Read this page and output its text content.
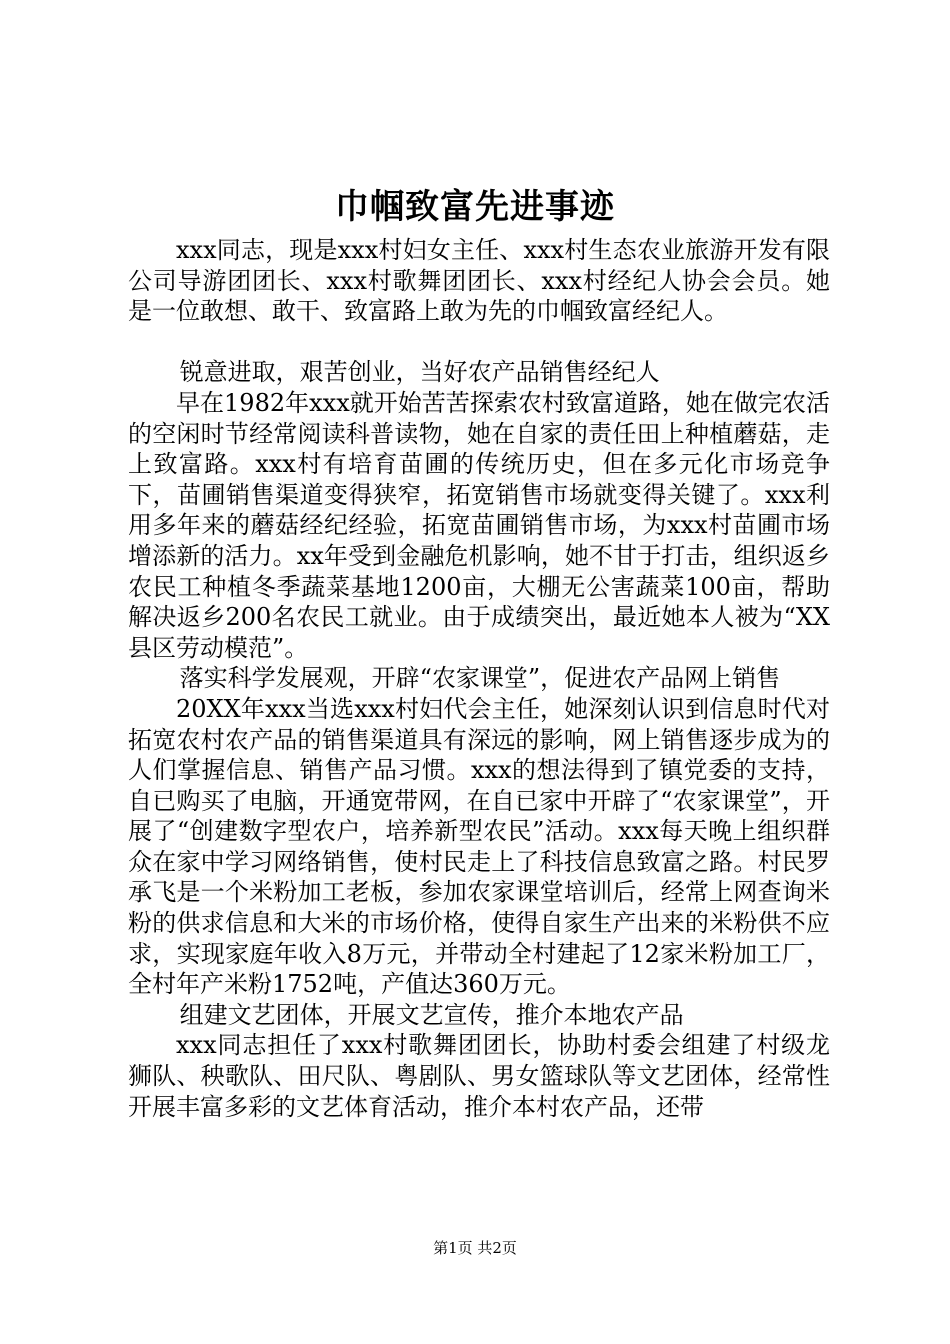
巾帼致富先进事迹

xxx同志，现是xxx村妇女主任、xxx村生态农业旅游开发有限公司导游团团长、xxx村歌舞团团长、xxx村经纪人协会会员。她是一位敢想、敢干、致富路上敢为先的巾帼致富经纪人。

锐意进取，艰苦创业，当好农产品销售经纪人

早在1982年xxx就开始苦苦探索农村致富道路，她在做完农活的空闲时节经常阅读科普读物，她在自家的责任田上种植蘑菇，走上致富路。xxx村有培育苗圃的传统历史，但在多元化市场竞争下，苗圃销售渠道变得狭窄，拓宽销售市场就变得关键了。xxx利用多年来的蘑菇经纪经验，拓宽苗圃销售市场，为xxx村苗圃市场增添新的活力。xx年受到金融危机影响，她不甘于打击，组织返乡农民工种植冬季蔬菜基地1200亩，大棚无公害蔬菜100亩，帮助解决返乡200名农民工就业。由于成绩突出，最近她本人被为“XX县区劳动模范”。

落实科学发展观，开辟“农家课堂”，促进农产品网上销售

20XX年xxx当选xxx村妇代会主任，她深刻认识到信息时代对拓宽农村农产品的销售渠道具有深远的影响，网上销售逐步成为的人们掌握信息、销售产品习惯。xxx的想法得到了镇党委的支持，自已购买了电脑，开通宽带网，在自已家中开辟了“农家课堂”，开展了“创建数字型农户，培养新型农民”活动。xxx每天晚上组织群众在家中学习网络销售，使村民走上了科技信息致富之路。村民罗承飞是一个米粉加工老板，参加农家课堂培训后，经常上网查询米粉的供求信息和大米的市场价格，使得自家生产出来的米粉供不应求，实现家庭年收入8万元，并带动全村建起了12家米粉加工厂，全村年产米粉1752吨，产值达360万元。

组建文艺团体，开展文艺宣传，推介本地农产品

xxx同志担任了xxx村歌舞团团长，协助村委会组建了村级龙狮队、秧歌队、田尺队、粤剧队、男女篮球队等文艺团体，经常性开展丰富多彩的文艺体育活动，推介本村农产品，还带

第1页 共2页
